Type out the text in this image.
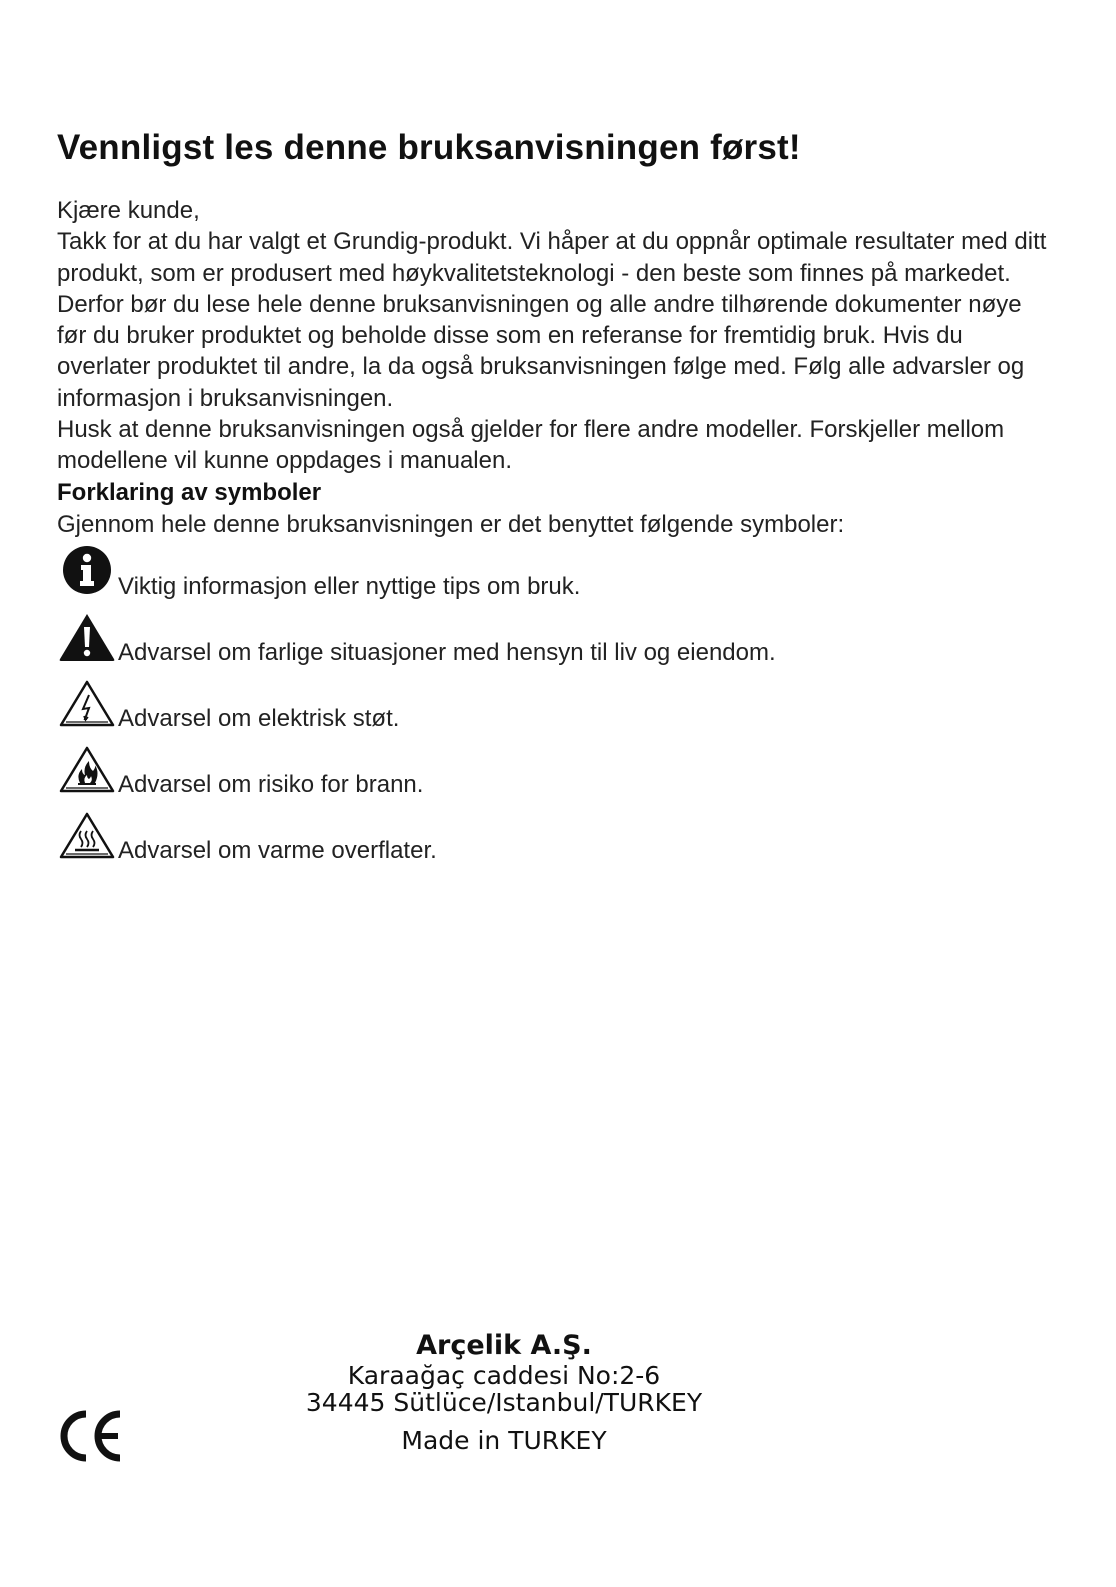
Vennligst les denne bruksanvisningen først!

Kjære kunde,

Takk for at du har valgt et Grundig-produkt. Vi håper at du oppnår optimale resultater med ditt produkt, som er produsert med høykvalitetsteknologi - den beste som finnes på markedet. Derfor bør du lese hele denne bruksanvisningen og alle andre tilhørende dokumenter nøye før du bruker produktet og beholde disse som en referanse for fremtidig bruk. Hvis du overlater produktet til andre, la da også bruksanvisningen følge med. Følg alle advarsler og informasjon i bruksanvisningen.

Husk at denne bruksanvisningen også gjelder for flere andre modeller. Forskjeller mellom modellene vil kunne oppdages i manualen.

Forklaring av symboler

Gjennom hele denne bruksanvisningen er det benyttet følgende symboler:

Viktig informasjon eller nyttige tips om bruk.
Advarsel om farlige situasjoner med hensyn til liv og eiendom.
Advarsel om elektrisk støt.
Advarsel om risiko for brann.
Advarsel om varme overflater.
Arçelik A.Ş.
Karaağaç caddesi No:2-6
34445 Sütlüce/Istanbul/TURKEY
Made in TURKEY
